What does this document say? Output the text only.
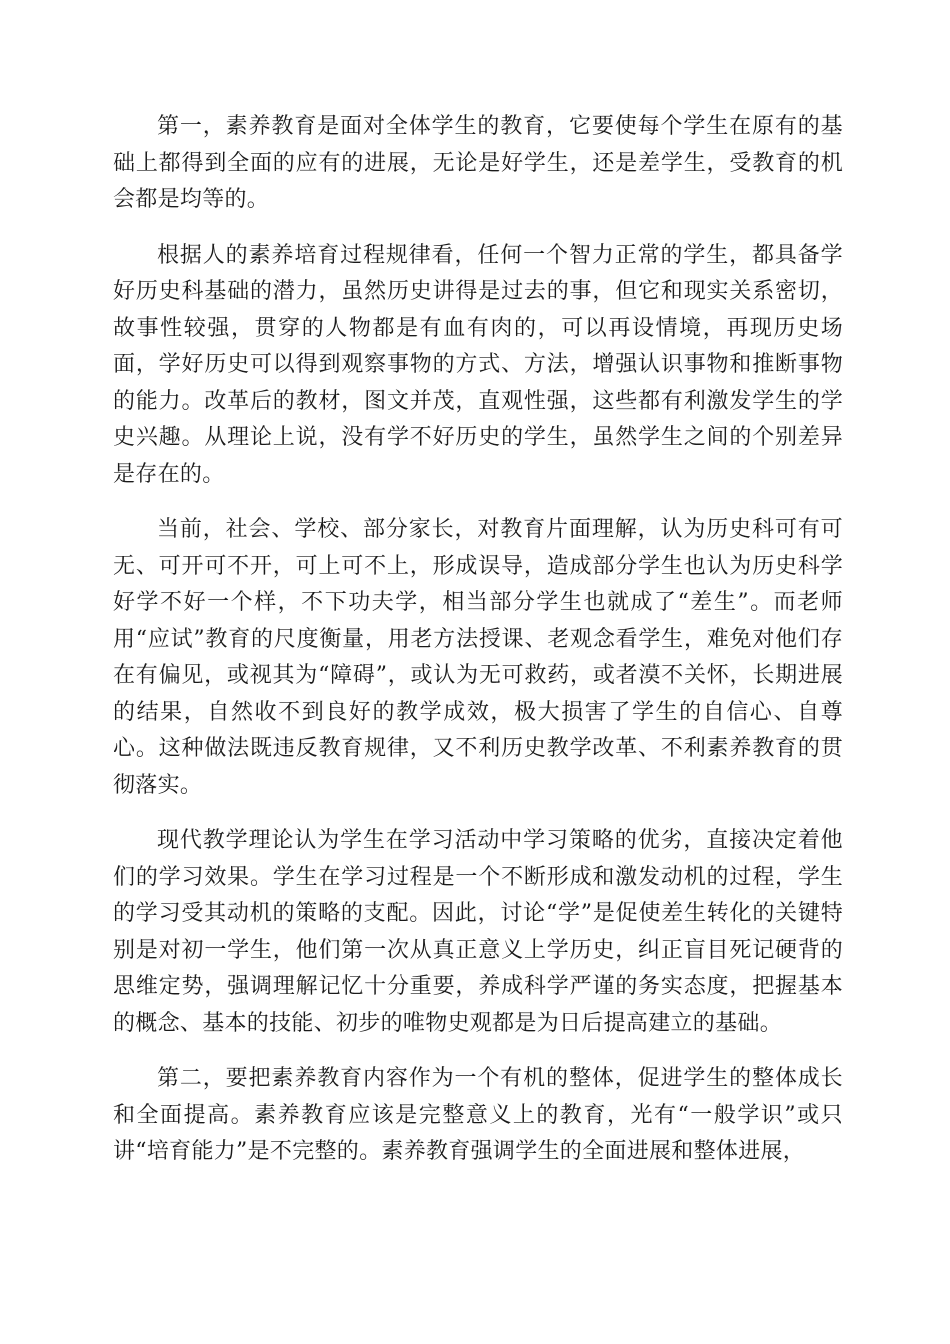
第一，素养教育是面对全体学生的教育，它要使每个学生在原有的基础上都得到全面的应有的进展，无论是好学生，还是差学生，受教育的机会都是均等的。

根据人的素养培育过程规律看，任何一个智力正常的学生，都具备学好历史科基础的潜力，虽然历史讲得是过去的事，但它和现实关系密切，故事性较强，贯穿的人物都是有血有肉的，可以再设情境，再现历史场面，学好历史可以得到观察事物的方式、方法，增强认识事物和推断事物的能力。改革后的教材，图文并茂，直观性强，这些都有利激发学生的学史兴趣。从理论上说，没有学不好历史的学生，虽然学生之间的个别差异是存在的。

当前，社会、学校、部分家长，对教育片面理解，认为历史科可有可无、可开可不开，可上可不上，形成误导，造成部分学生也认为历史科学好学不好一个样，不下功夫学，相当部分学生也就成了“差生”。而老师用“应试”教育的尺度衡量，用老方法授课、老观念看学生，难免对他们存在有偏见，或视其为“障碍”，或认为无可救药，或者漠不关怀，长期进展的结果，自然收不到良好的教学成效，极大损害了学生的自信心、自尊心。这种做法既违反教育规律，又不利历史教学改革、不利素养教育的贯彻落实。

现代教学理论认为学生在学习活动中学习策略的优劣，直接决定着他们的学习效果。学生在学习过程是一个不断形成和激发动机的过程，学生的学习受其动机的策略的支配。因此，讨论“学”是促使差生转化的关键特别是对初一学生，他们第一次从真正意义上学历史，纠正盲目死记硬背的思维定势，强调理解记忆十分重要，养成科学严谨的务实态度，把握基本的概念、基本的技能、初步的唯物史观都是为日后提高建立的基础。

第二，要把素养教育内容作为一个有机的整体，促进学生的整体成长和全面提高。素养教育应该是完整意义上的教育，光有“一般学识”或只讲“培育能力”是不完整的。素养教育强调学生的全面进展和整体进展，
